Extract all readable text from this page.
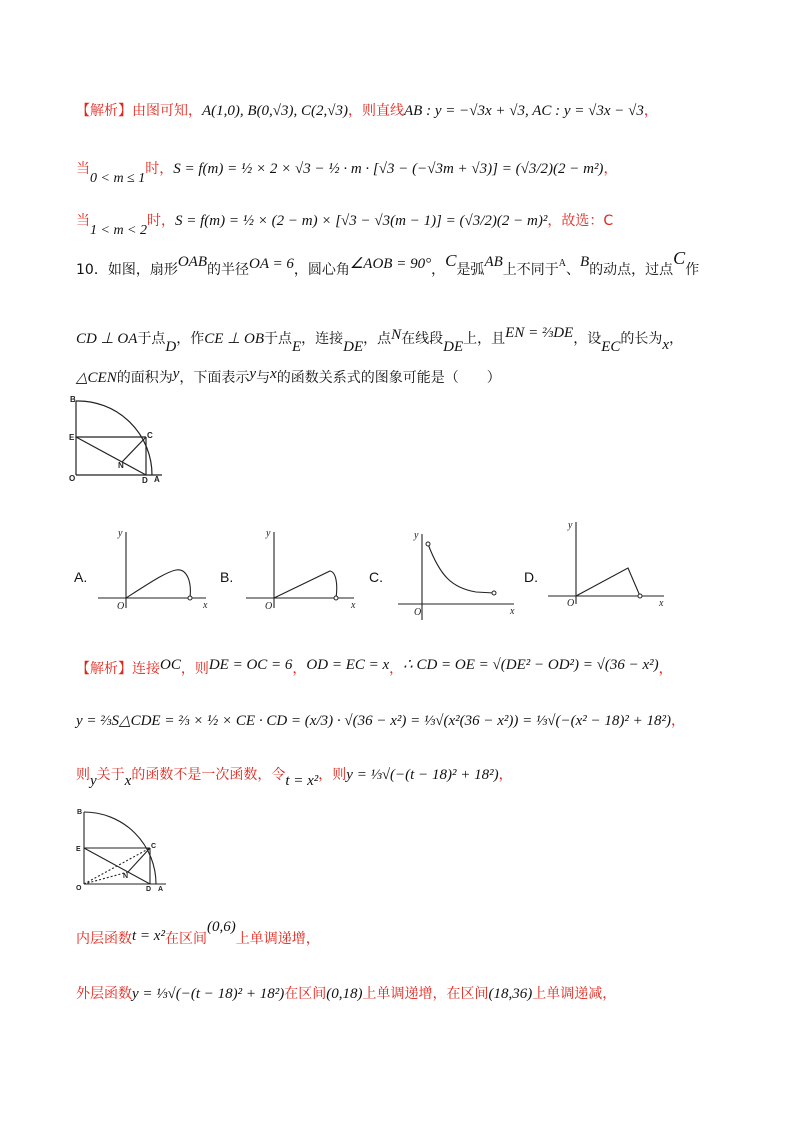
【解析】由图可知，A(1,0), B(0,√3), C(2,√3)，则直线AB : y = −√3x + √3, AC : y = √3x − √3，
当0 < m ≤ 1时，S = f(m) = ½ × 2 × √3 − ½ · m · [√3 − (−√3m + √3)] = (√3/2)(2 − m²)，
当1 < m < 2时，S = f(m) = ½ × (2 − m) × [√3 − √3(m − 1)] = (√3/2)(2 − m)²，故选：C
10．如图，扇形OAB的半径OA = 6，圆心角∠AOB = 90°，C是弧AB上不同于$^A$、B的动点，过点C作
CD ⊥ OA于点D，作CE ⊥ OB于点E，连接DE，点N在线段DE上，且EN = ⅔DE，设EC的长为x，
△CEN的面积为y，下面表示y与x的函数关系式的图象可能是（　　）
B
E	C
N
O	D A
A.
y
O	x
B.
y
O	x
C.
y
O	x
D.
y
O	x
【解析】连接OC，则DE = OC = 6，OD = EC = x，∴ CD = OE = √(DE² − OD²) = √(36 − x²)，
y = ⅔S△CDE = ⅔ × ½ × CE · CD = (x/3) · √(36 − x²) = ⅓√(x²(36 − x²)) = ⅓√(−(x² − 18)² + 18²)，
则y关于x的函数不是一次函数，令t = x²，则y = ⅓√(−(t − 18)² + 18²)，
B
E	C
N
O	D A
内层函数t = x²在区间(0,6)上单调递增，
外层函数y = ⅓√(−(t − 18)² + 18²)在区间(0,18)上单调递增，在区间(18,36)上单调递减，
